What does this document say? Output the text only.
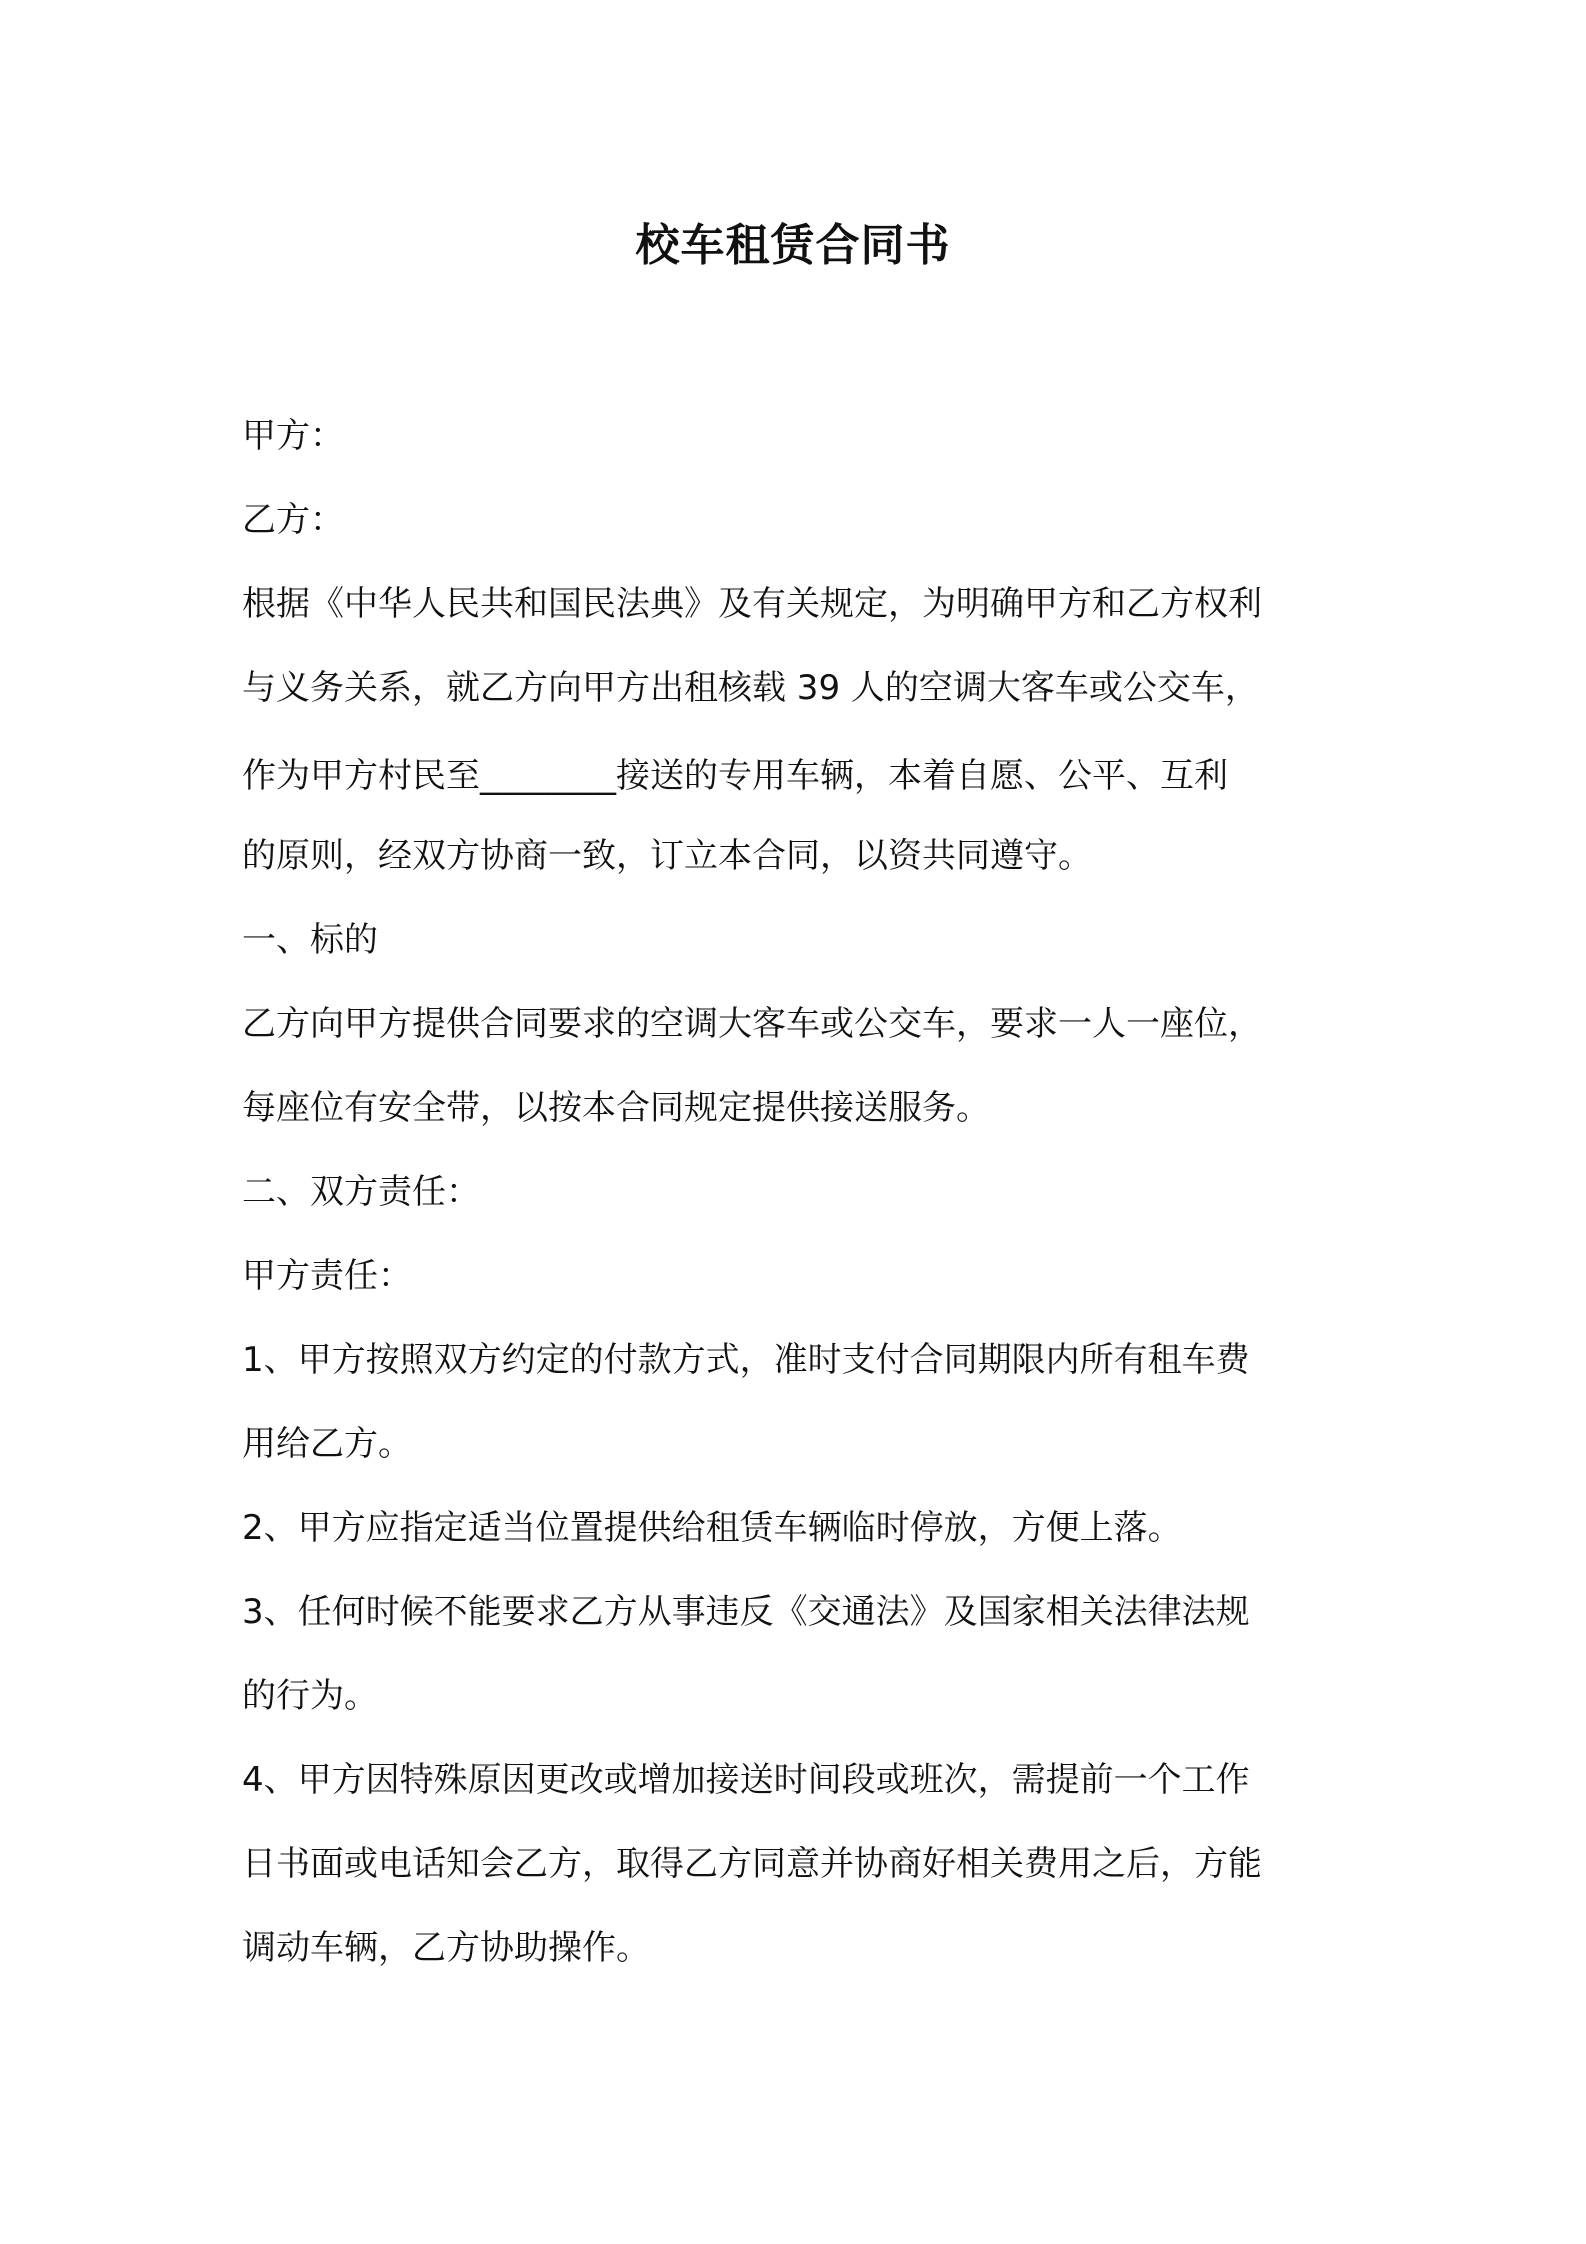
校车租赁合同书
甲方：
乙方：
根据《中华人民共和国民法典》及有关规定，为明确甲方和乙方权利
与义务关系，就乙方向甲方出租核载 39 人的空调大客车或公交车，
作为甲方村民至________接送的专用车辆，本着自愿、公平、互利
的原则，经双方协商一致，订立本合同，以资共同遵守。
一、标的
乙方向甲方提供合同要求的空调大客车或公交车，要求一人一座位，
每座位有安全带，以按本合同规定提供接送服务。
二、双方责任：
甲方责任：
1、甲方按照双方约定的付款方式，准时支付合同期限内所有租车费
用给乙方。
2、甲方应指定适当位置提供给租赁车辆临时停放，方便上落。
3、任何时候不能要求乙方从事违反《交通法》及国家相关法律法规
的行为。
4、甲方因特殊原因更改或增加接送时间段或班次，需提前一个工作
日书面或电话知会乙方，取得乙方同意并协商好相关费用之后，方能
调动车辆，乙方协助操作。
